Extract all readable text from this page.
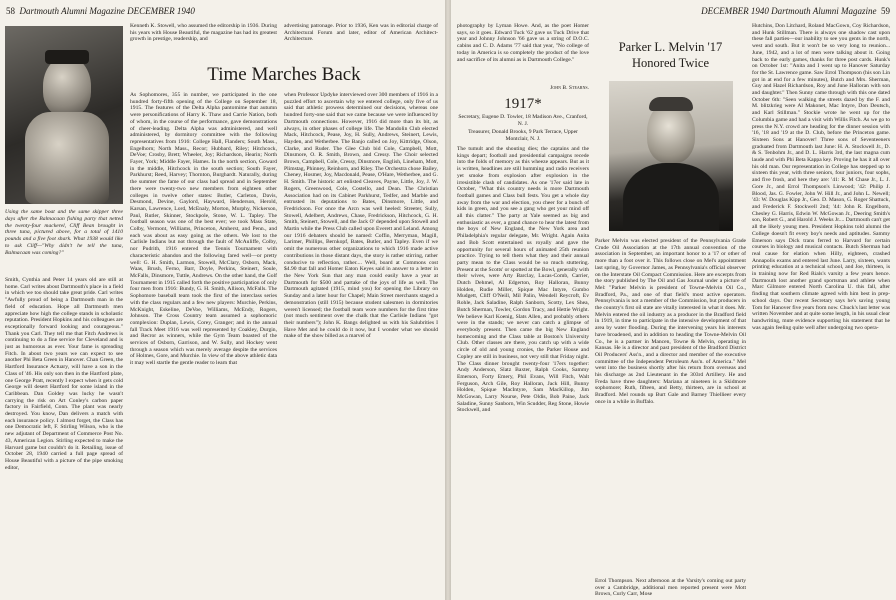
58 Dartmouth Alumni Magazine DECEMBER 1940
Using the same boat and the same skipper three days after the Balmacaan fishing party that netted the twenty-four mackerel, Cliff Bean brought in three tuna, pictured above, for a total of 1410 pounds and a five foot shark. What 1938 would like to ask Cliff—"Why didn't he tell the tuna, Balmacaan was coming?"
Smith, Cynthia and Peter 14 years old are still at home. Carl writes about Dartmouth's place in a field in which we too should take great pride. Carl writes "Awfully proud of being a Dartmouth man in the field of education. Hope all Dartmouth men appreciate how high the college stands in scholastic reputation. President Hopkins and his colleagues are exceptionally forward looking and courageous." Thank you Carl. They tell me that Fitch Andrews is continuing to do a fine service for Cleveland and is just as humorous as ever. Your fame is spreading Fitch. In about two years we can expect to see another Phi Beta Green in Hanover. Chan Green, the Hartford Insurance Actuary, will have a son in the Class of '46. His only son then in the Hartford plate, one George Pratt, recently I expect when it gets cold George will desert Hartford for some island in the Caribbean. Dan Goldey was lucky he wasn't carrying the risk on Art Conley's carbon paper factory in Fairfield, Conn. The plant was nearly destroyed. You know, Dan delivers a match with each insurance policy. I almost forget, the Class has one Democratic left, F. Stirling Wilson, who is the new adjutant of Department of Commerce Post No. 43, American Legion. Stirling expected to make the Harvard game but couldn't do it. Retailing, issue of October 28, 1940 carried a full page spread of House Beautiful with a picture of the pipe smoking editor,
Kenneth K. Stowell, who assumed the editorship in 1936. During his years with House Beautiful, the magazine has had its greatest growth in prestige, readership, and
advertising patronage. Prior to 1936, Ken was in editorial charge of Architectural Forum and later, editor of American Architect-Architecture.
Time Marches Back
As Sophomores, 355 in number, we participated in the one hundred forty-fifth opening of the College on September 18, 1915. The features of the Delta Alpha pantomime that autumn were personifications of Harry K. Thaw and Carrie Nation, both of whom, in the course of the performance, gave demonstrations of cheer-leading. Delta Alpha was administered, and well administered, by dormitory committee with the following representatives from 1916: College Hall, Flanders; South Mass., Engelhorn; North Mass., Recor; Hubbard, Riley; Hitchcock, DeVoe; Crosby, Brett; Wheeler, Joy; Richardson, Hearin; North Fayer, York; Middle Fayer, Hames. In the north section, Goward in the middle, Hitchcock in the south section; South Fayer, Parkhurst; Reed, Harvey; Thornton, Burghardt. Naturally, during the summer the fame of our class had spread and in September there were twenty-two new members from eighteen other colleges in twelve other states: Butler, Carleton, Davis, Desmond, Devine, Gaylord, Hayward, Henderson, Herold, Karsan, Lawrence, Lord, McEnaly, Morton, Murphy, Nickerson, Paul, Rutler, Skinner, Stockpole, Stone, W. L. Tapley. The football season was one of the best ever; we took Mass State, Colby, Vermont, Williams, Princeton, Amherst, and Penn., and each was about as easy going as the others. We lost to the Carlisle Indians but not through the fault of McAuliffe, Colby, nor Pudrith, 1916 entered the Tennis Tournament with characteristic abandon and the following fared well—or pretty well: G. H. Smith, Larmon, Stowell, McClary, Osborn, Mack, Waas, Brush, Ferno, Barr, Doyle, Perkins, Steinert, Soule, McFalls, Dinsmore, Tuttle, Andrews. On the other hand, the Golf Tournament in 1915 called forth the positive participation of only four men from 1916: Bundy, G. H. Smith, Allison, McFalls. The Sophomore baseball team took the first of the interclass series with the class regulars and a few new players: Murchie, Perkins, McKnight, Eskeline, DeVoe, Williams, McEndy, Rogers, Johnson. The Cross Country team assumed a sophomoric complexion: Duplan, Lewis, Corey, Granger; and in the annual fall Track Meet 1916 was well represented by Coakley, Durgin, and Recror as winners, while the Gym Team boasted of the services of Osborn, Garrison, and W. Sully, and Hockey went through a season which was merely average despite the services of Holmes, Gore, and Murchie. In view of the above athletic data it may well startle the gentle reader to learn that
when Professor Updyke interviewed over 300 members of 1916 in a puzzled effort to ascertain why we entered college, only five of us said that athletic prowess determined our decisions, whereas one hundred forty-one said that we came because we were influenced by Dartmouth connections. However, 1916 did more than its bit, as always, in other phases of college life. The Mandolin Club elected Mack, Hitchcock, Pease, Joy, H. Sully, Andrews, Steinert, Lewis, Hayden, and Wetherbee. The Banjo called on Joy, Kittridge, Olson, Clarke, and Ruder. The Glee Club bid Cole, Campbell, Mott, Dinsmore, O. R. Smith, Brown, and Cressy. The Choir selected Brown, Campbell, Cole, Cressy, Dinsmore, English, Lineham, Mott, Plimstag, Phinney, Reinhorn, and Riley. The Orchestra chose Bailey, Cheney, Hosmer, Joy, Macdonald, Pease, O'Hare, Wetherbee, and G. H. Smith. The historic art enlisted Cleaves, Payne, Little, Joy, J. W. Rogers, Greenwood, Cole, Costello, and Dean. The Christian Association had on its Cabinet Parkhurst, Tedfer, and Marble and entrusted its deputations to Bates, Dinsmore, Little, and Fredrickson. For once the Arcn was well heeled: Streeter, Sully, Stowell, Adelbert, Andrews, Chase, Fredrickson, Hitchcock, G. H. Smith, Steinert, Stowell, and the Jack O' depended upon Stowell and Martin while the Press Club called upon Everett and Leland. Among our 1916 debaters should be named: Coffin, Merryman, Magill, Larimer, Phillips, Bernkopf, Bates, Butler, and Tapley. Even if we omit the numerous other organizations to which 1916 made active contributions in those distant days, the story is rather stirring, rather conducive to reflection, rather.... Well, board at Commons cost $4.90 that fall and Homer Eaton Keyes said in answer to a letter in the New York Sun that any man could easily have a year at Dartmouth for $500 and partake of the joys of life as well. The Dartmouth agitated (1915, mind you) for opening the Library on Sunday and a later hour for Chapel; Main Street merchants staged a demonstration (still 1915) because student salesmen in dormitories weren't licensed; the football team wore numbers for the first time (not much sentiment over the chalk that the Carlisle Indians "got their numbers"); John K. Bangs delighted us with his Salubrities I Have Met and he could do it now, but I wonder what we should make of the show billed as a marvel of
DECEMBER 1940 Dartmouth Alumni Magazine 59
photography by Lyman Howe. And, as the poet Homer says, so it goes. Edward Tuck '62 gave us Tuck Drive that year and Johnny Johnson '66 gave us a string of D.O.C. cabins and C. D. Adams '77 said that year, "No college of today in America is so completely the product of the love and sacrifice of its alumni as is Dartmouth College."
John B. Stearns.
1917*
Secretary, Eugene D. Towler, 18 Madison Ave., Cranford, N. J.
Treasurer, Donald Brooks, 9 Park Terrace, Upper Montclair, N. J.
The tumult and the shouting dies; the captains and the kings depart; football and presidential campaigns recede into the folds of memory as this wheeze appears. But as it is written, headlines are still humming and radio receivers yet smoke from explosion after explosion in the irresistible clash of candidates. As one '17er said late in October, "What this country needs is more Dartmouth football games and Class bull fests. You get a whole day away from the war and election, you cheer for a bunch of kids in green, and you see a gang who get your mind off all this clatter." The party at Yale seemed as big and enthusiastic as ever, a grand chance to hear the latest from the boys of New England, the New York area and Philadelphia's regular delegate, Mr. Wright. Again Anita and Bob Scott entertained us royally and gave the opportunity for several hours of animated 25th reunion practice. Trying to tell them what they and their annual party mean to the Class would be so much stuttering. Present at the Scotts' or spotted at the Bowl, generally with their wives, were Arty Barclay, Lucas-Comb, Carrier, Dutch Dehmel, Al Edgerton, Roy Halloran, Bunny Holden, Rudie Miller, Spique Mac Intyre, Gumbo Mudgett, Cliff O'Neill, Mil Palin, Wendell Reycroft, Ev Rohle, Jack Saladine, Ralph Sanborn, Scotty, Lex Shea, Butch Sherman, Towler, Gordon Tracy, and Hettie Wright. We believe Karl Koenig, Slats Allen, and probably others were in the stands; we never can catch a glimpse of everybody present. Then came the big New England homecoming and the Class table at Boston's University Club. Other classes are there, you catch up with a wide circle of old and young cronies, the Parker House and Copley are still in business, not very still that Friday night. The Class dinner brought twenty-four '17ers together: Andy Anderson, Slatz Baxter, Ralph Cooks, Sammy Emerson, Forty Emery, Phil Evans, Will Fitch, Walt Ferguson, Arch Gile, Roy Halloran, Jack Hill, Bunny Holden, Spique MacIntyre, Sam MacKillop, Jim McGowan, Larry Nourse, Pete Oldis, Bob Paine, Jack Saladine, Sunny Sanborn, Win Scudder, Reg Stone, Howie Stockwell, and
Parker L. Melvin '17
Honored Twice
Parker Melvin was elected president of the Pennsylvania Grade Crude Oil Association at the 17th annual convention of the association in September, an important honor to a '17 or other of more than a foot over it. This follows close on Mel's appointment last spring, by Governor James, as Pennsylvania's official observer on the Interstate Oil Compact Commission. Here are excerpts from the story published by The Oil and Gas Journal under a picture of Mel: "Parker Melvin is president of Towne-Melvin Oil Co., Bradford, Pa., and one of that field's most active operators. Pennsylvania is not a member of the Commission, but producers in the country's first oil state are vitally interested in what it does. Mr. Melvin entered the oil industry as a producer in the Bradford field in 1919, in time to participate in the intensive development of that area by water flooding. During the intervening years his interests have broadened, and in addition to heading the Towne-Melvin Oil Co., he is a partner in Mancen, Towne & Melvin, operating in Kansas. He is a director and past president of the Bradford District Oil Producers' Ass'n., and a director and member of the executive committee of the Independent Petroleum Ass'n. of America." Mel went into the business shortly after his return from overseas and his discharge as 2nd Lieutenant in the 303rd Artillery. He and Freda have three daughters: Mariana at nineteen is a Skidmore sophomore; Ruth, fifteen, and Betty, thirteen, are in school at Bradford. Mel rounds up Burt Gale and Barney Thiellieer every once in a while in Buffalo.
Errol Thompson. Next afternoon at the Varsity's coming out party over a Cambridge, additional men reported present were Mott Brown, Curly Carr, Mose
Hutchins, Don Litchard, Roland MacGown, Coy Richardson, and Hunk Stillman. There is always one shadow cast upon these fall parties—our inability to see you gents in the north, west and south. But it won't be so very long to reunion... June, 1942, and a lot of men were talking about it. Going back to the early games, thanks for three post cards. Hunk's on October 1st: "Anita and I went up to Hanover Saturday for the St. Lawrence game. Saw Errol Thompson (his son Lin got in at end for a few minutes), Butch and Mrs. Sherman, Guy and Hazel Richardson, Roy and June Halloran with son and daughter." Then Sunny came through with this one dated October 6th: "Seen walking the streets dazed by the F. and M. blitzkrieg were Al Makonet, Mac Intyre, Don Deutsch, and Karl Stillman." Stockie wrote he went up for the Columbia game and had a visit with Willis Fitch. As we go to press the N.Y. crowd are heading for the dinner session with '16, '18 and '19 at the D. Club, before the Princeton game. Sixteen Sons at Hanover! Three sons of Seventeeners graduated from Dartmouth last June: H. A. Stockwell Jr., D. & S. Tenbohm Jr., and D. L. Harris 3rd, the last magna cum laude and with Phi Beta Kappa key. Proving he has it all over his old man. Our representation in College has stepped up to sixteen this year, with three seniors, four juniors, four sophs, and five frosh, and here they are: '41: R. M Chase Jr., L. J. Gore Jr., and Errol Thompson's Linwood; '42: Philip J. Blood, Jas. G. Fowler, John W. Hill Jr., and John L. Newell; '43: W. Douglas Kipp Jr., Geo. D. Mason, G. Roger Shattuck, and Frederick F. Stockwell 2nd; '44: John R. Engelbom, Chesley G. Harris, Edwin W. McGowan Jr., Deering Smith's son, Robert G., and Harold J. Weeks Jr.... Dartmouth can't get all the likely young men. President Hopkins told alumni the College doesn't fit every boy's needs and aptitudes. Sammy Emerson says Dick trans ferred to Harvard for certain courses in biology and musical contacts. Butch Sherman had real cause for elation when Hilly, eighteen, crashed Annapolis exams and entered last June. Larry, sixteen, wants printing education at a technical school, and Joe, thirteen, is in training now for Red Rials's varsity a few years hence. Dartmouth lost another grand sportsman and athlete when Marc Gilmore entered North Carolina U. this fall, after finding that southern climate agreed with him best in prep-school days. Our recent Secretary says he's saving young Tom for Hanover five years from now. Chuck's last letter was written November and at quite some length, in his usual clear handwriting, mute evidence supporting his statement that he was again feeling quite well after undergoing two opera-
